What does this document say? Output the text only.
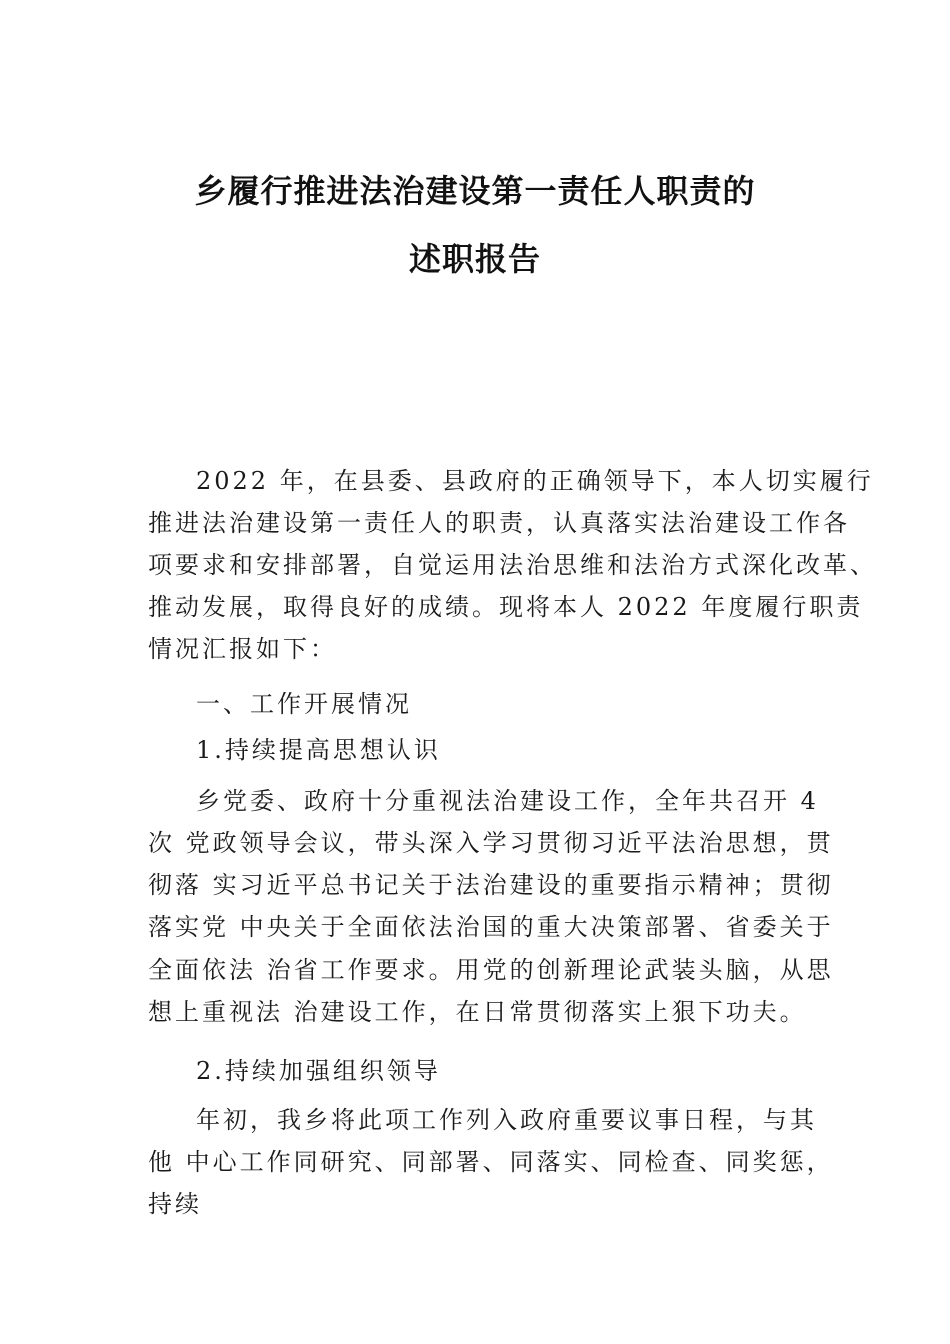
乡履行推进法治建设第一责任人职责的
述职报告
2022 年，在县委、县政府的正确领导下，本人切实履行
推进法治建设第一责任人的职责，认真落实法治建设工作各
项要求和安排部署，自觉运用法治思维和法治方式深化改革、
推动发展，取得良好的成绩。现将本人 2022 年度履行职责
情况汇报如下：
一、工作开展情况
1.持续提高思想认识
乡党委、政府十分重视法治建设工作，全年共召开 4
次 党政领导会议，带头深入学习贯彻习近平法治思想，贯
彻落 实习近平总书记关于法治建设的重要指示精神；贯彻
落实党 中央关于全面依法治国的重大决策部署、省委关于
全面依法 治省工作要求。用党的创新理论武装头脑，从思
想上重视法 治建设工作，在日常贯彻落实上狠下功夫。
2.持续加强组织领导
年初，我乡将此项工作列入政府重要议事日程，与其
他 中心工作同研究、同部署、同落实、同检查、同奖惩，
持续
